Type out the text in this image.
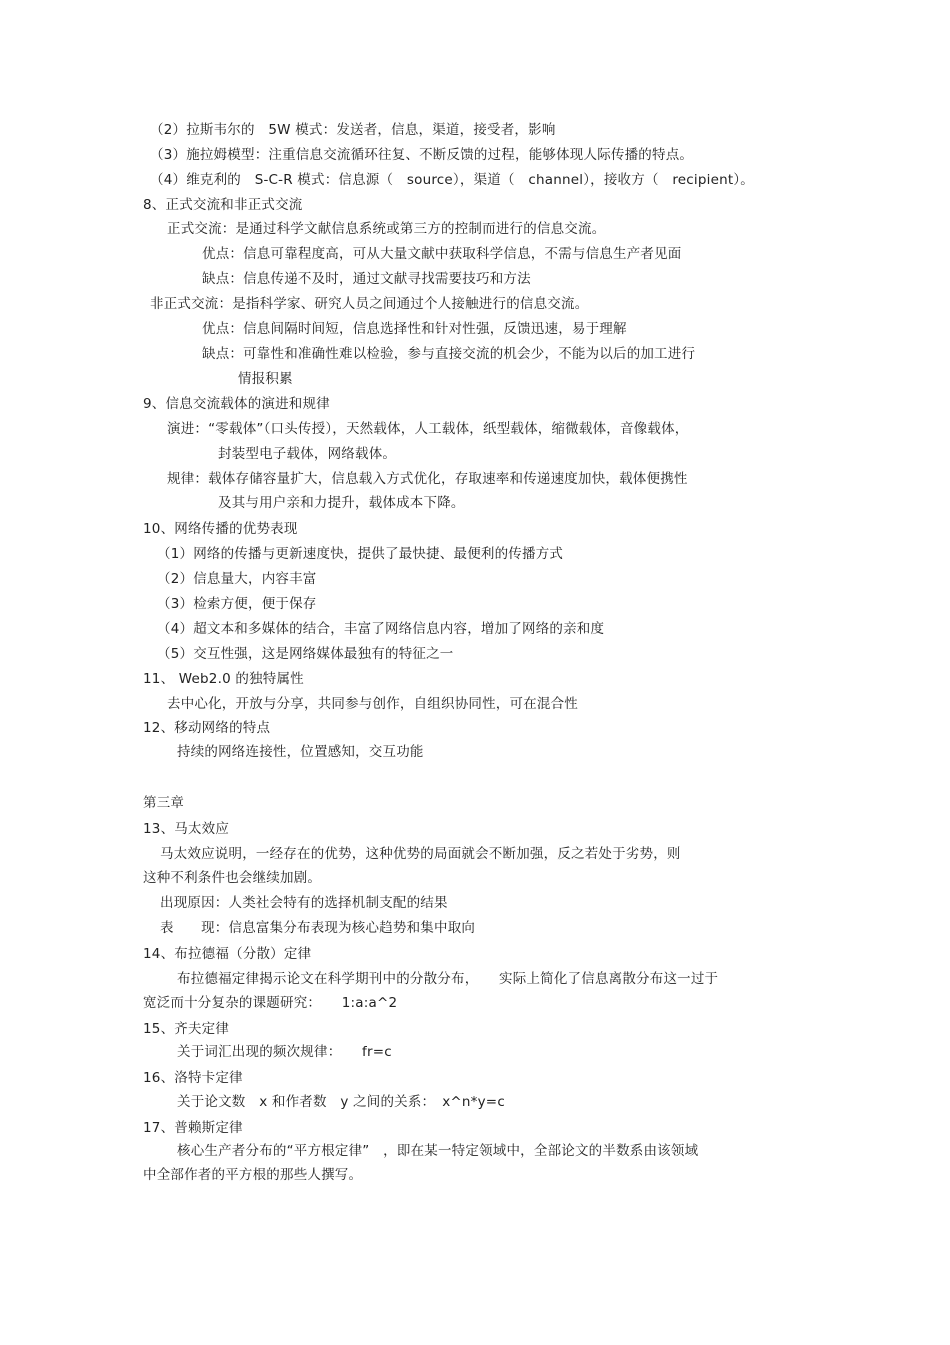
（2）拉斯韦尔的　5W 模式：发送者，信息，渠道，接受者，影响
（3）施拉姆模型：注重信息交流循环往复、不断反馈的过程，能够体现人际传播的特点。
（4）维克利的　S-C-R 模式：信息源（　source），渠道（　channel），接收方（　recipient）。
8、正式交流和非正式交流
正式交流：是通过科学文献信息系统或第三方的控制而进行的信息交流。
优点：信息可靠程度高，可从大量文献中获取科学信息，不需与信息生产者见面
缺点：信息传递不及时，通过文献寻找需要技巧和方法
非正式交流：是指科学家、研究人员之间通过个人接触进行的信息交流。
优点：信息间隔时间短，信息选择性和针对性强，反馈迅速，易于理解
缺点：可靠性和准确性难以检验，参与直接交流的机会少，不能为以后的加工进行
情报积累
9、信息交流载体的演进和规律
演进：“零载体”（口头传授），天然载体，人工载体，纸型载体，缩微载体，音像载体，
封装型电子载体，网络载体。
规律：载体存储容量扩大，信息载入方式优化，存取速率和传递速度加快，载体便携性
及其与用户亲和力提升，载体成本下降。
10、网络传播的优势表现
（1）网络的传播与更新速度快，提供了最快捷、最便利的传播方式
（2）信息量大，内容丰富
（3）检索方便，便于保存
（4）超文本和多媒体的结合，丰富了网络信息内容，增加了网络的亲和度
（5）交互性强，这是网络媒体最独有的特征之一
11、 Web2.0 的独特属性
去中心化，开放与分享，共同参与创作，自组织协同性，可在混合性
12、移动网络的特点
持续的网络连接性，位置感知，交互功能
第三章
13、马太效应
马太效应说明，一经存在的优势，这种优势的局面就会不断加强，反之若处于劣势，则
这种不利条件也会继续加剧。
出现原因：人类社会特有的选择机制支配的结果
表　　现：信息富集分布表现为核心趋势和集中取向
14、布拉德福（分散）定律
布拉德福定律揭示论文在科学期刊中的分散分布，　　实际上简化了信息离散分布这一过于
宽泛而十分复杂的课题研究：　　1:a:a^2
15、齐夫定律
关于词汇出现的频次规律：　　fr=c
16、洛特卡定律
关于论文数　x 和作者数　y 之间的关系：　x^n*y=c
17、普赖斯定律
核心生产者分布的“平方根定律”　，即在某一特定领域中，全部论文的半数系由该领域
中全部作者的平方根的那些人撰写。
